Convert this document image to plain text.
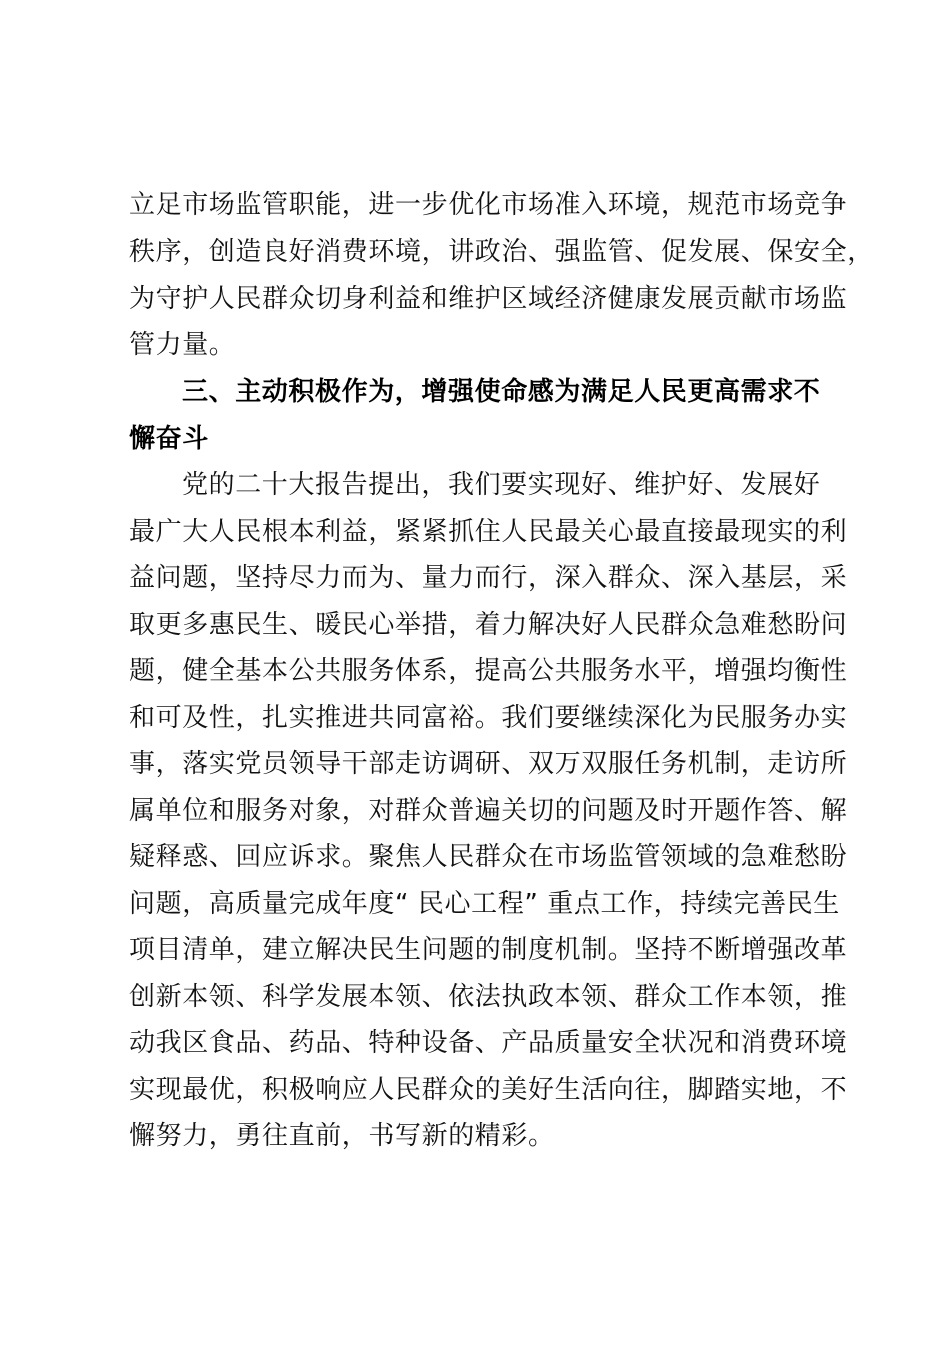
立足市场监管职能，进一步优化市场准入环境，规范市场竞争
秩序，创造良好消费环境，讲政治、强监管、促发展、保安全，
为守护人民群众切身利益和维护区域经济健康发展贡献市场监
管力量。
三、主动积极作为，增强使命感为满足人民更高需求不
懈奋斗
党的二十大报告提出，我们要实现好、维护好、发展好
最广大人民根本利益，紧紧抓住人民最关心最直接最现实的利
益问题，坚持尽力而为、量力而行，深入群众、深入基层，采
取更多惠民生、暖民心举措，着力解决好人民群众急难愁盼问
题，健全基本公共服务体系，提高公共服务水平，增强均衡性
和可及性，扎实推进共同富裕。我们要继续深化为民服务办实
事，落实党员领导干部走访调研、双万双服任务机制，走访所
属单位和服务对象，对群众普遍关切的问题及时开题作答、解
疑释惑、回应诉求。聚焦人民群众在市场监管领域的急难愁盼
问题，高质量完成年度“ 民心工程” 重点工作，持续完善民生
项目清单，建立解决民生问题的制度机制。坚持不断增强改革
创新本领、科学发展本领、依法执政本领、群众工作本领，推
动我区食品、药品、特种设备、产品质量安全状况和消费环境
实现最优，积极响应人民群众的美好生活向往，脚踏实地，不
懈努力，勇往直前，书写新的精彩。
